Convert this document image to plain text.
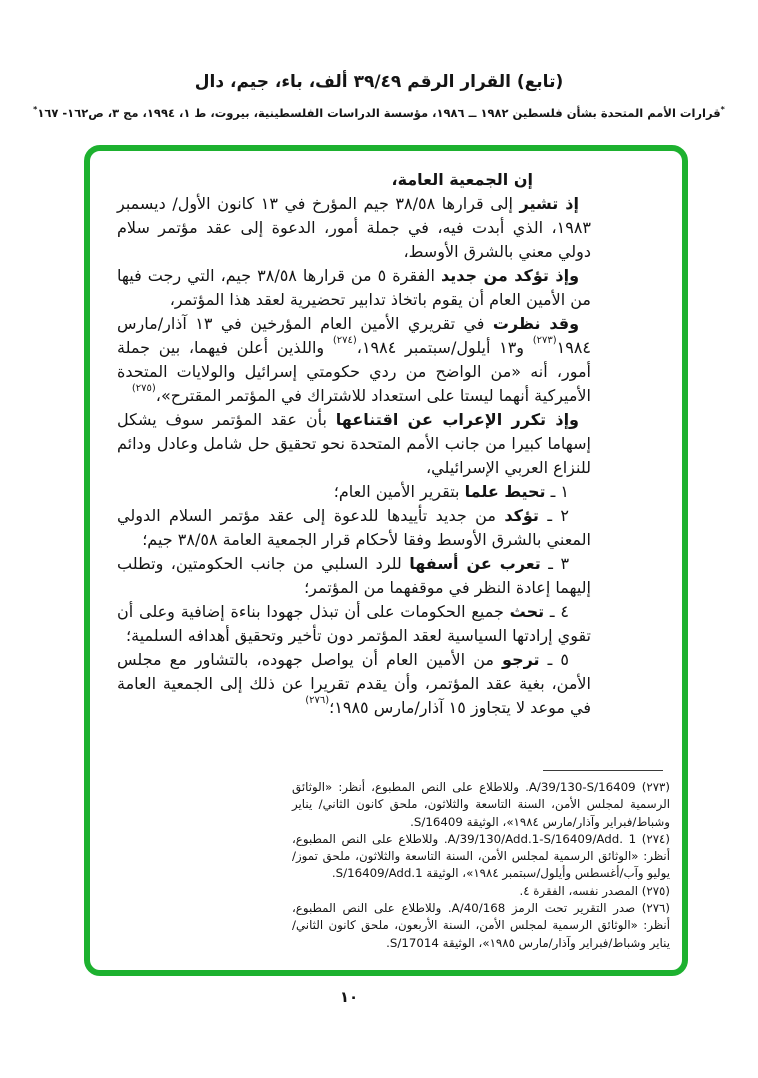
(تابع) القرار الرقم ٣٩/٤٩ ألف، باء، جيم، دال
*قرارات الأمم المتحدة بشأن فلسطين ١٩٨٢ ــ ١٩٨٦، مؤسسة الدراسات الفلسطينية، بيروت، ط ١، ١٩٩٤، مج ٣، ص١٦٢- ١٦٧*

إن الجمعية العامة،

إذ تشير إلى قرارها ٣٨/٥٨ جيم المؤرخ في ١٣ كانون الأول/ ديسمبر ١٩٨٣، الذي أبدت فيه، في جملة أمور، الدعوة إلى عقد مؤتمر سلام دولي معني بالشرق الأوسط،

وإذ تؤكد من جديد الفقرة ٥ من قرارها ٣٨/٥٨ جيم، التي رجت فيها من الأمين العام أن يقوم باتخاذ تدابير تحضيرية لعقد هذا المؤتمر،

وقد نظرت في تقريري الأمين العام المؤرخين في ١٣ آذار/مارس ١٩٨٤$^{(٢٧٣)}$ و١٣ أيلول/سبتمبر ١٩٨٤،$^{(٢٧٤)}$ واللذين أعلن فيهما، بين جملة أمور، أنه «من الواضح من ردي حكومتي إسرائيل والولايات المتحدة الأميركية أنهما ليستا على استعداد للاشتراك في المؤتمر المقترح»،$^{(٢٧٥)}$

وإذ تكرر الإعراب عن اقتناعها بأن عقد المؤتمر سوف يشكل إسهاما كبيرا من جانب الأمم المتحدة نحو تحقيق حل شامل وعادل ودائم للنزاع العربي الإسرائيلي،

١ ـ تحيط علما بتقرير الأمين العام؛

٢ ـ تؤكد من جديد تأييدها للدعوة إلى عقد مؤتمر السلام الدولي المعني بالشرق الأوسط وفقا لأحكام قرار الجمعية العامة ٣٨/٥٨ جيم؛

٣ ـ تعرب عن أسفها للرد السلبي من جانب الحكومتين، وتطلب إليهما إعادة النظر في موقفهما من المؤتمر؛

٤ ـ تحث جميع الحكومات على أن تبذل جهودا بناءة إضافية وعلى أن تقوي إرادتها السياسية لعقد المؤتمر دون تأخير وتحقيق أهدافه السلمية؛

٥ ـ ترجو من الأمين العام أن يواصل جهوده، بالتشاور مع مجلس الأمن، بغية عقد المؤتمر، وأن يقدم تقريرا عن ذلك إلى الجمعية العامة في موعد لا يتجاوز ١٥ آذار/مارس ١٩٨٥؛$^{(٢٧٦)}$

(٢٧٣) A/39/130-S/16409. وللاطلاع على النص المطبوع، أنظر: «الوثائق الرسمية لمجلس الأمن، السنة التاسعة والثلاثون، ملحق كانون الثاني/ يناير وشباط/فبراير وآذار/مارس ١٩٨٤»، الوثيقة S/16409.
(٢٧٤) A/39/130/Add.1-S/16409/Add. 1. وللاطلاع على النص المطبوع، أنظر: «الوثائق الرسمية لمجلس الأمن، السنة التاسعة والثلاثون، ملحق تموز/يوليو وآب/أغسطس وأيلول/سبتمبر ١٩٨٤»، الوثيقة S/16409/Add.1.
(٢٧٥) المصدر نفسه، الفقرة ٤.
(٢٧٦) صدر التقرير تحت الرمز A/40/168. وللاطلاع على النص المطبوع، أنظر: «الوثائق الرسمية لمجلس الأمن، السنة الأربعون، ملحق كانون الثاني/يناير وشباط/فبراير وآذار/مارس ١٩٨٥»، الوثيقة S/17014.
١٠
